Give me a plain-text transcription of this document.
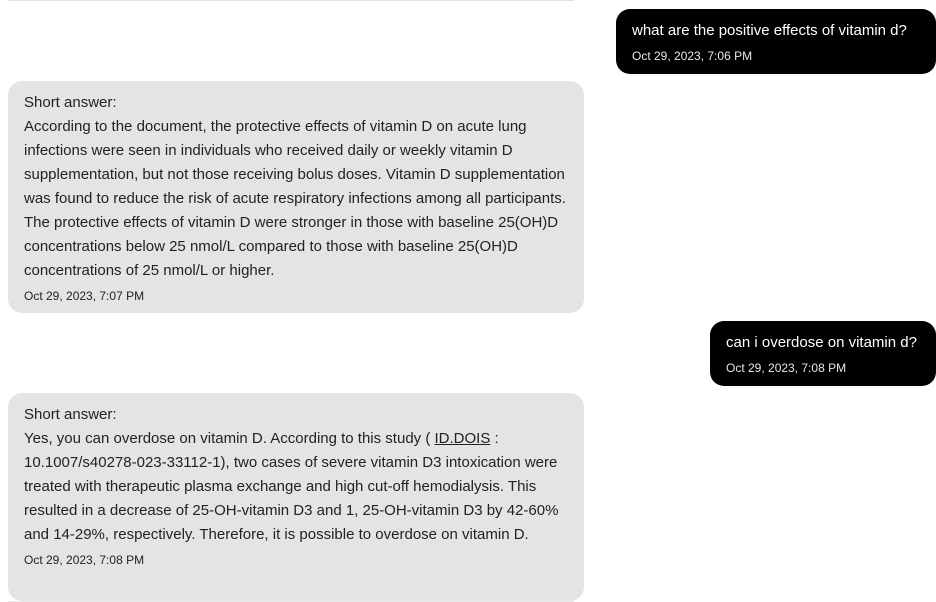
what are the positive effects of vitamin d?
Oct 29, 2023, 7:06 PM
Short answer:
According to the document, the protective effects of vitamin D on acute lung infections were seen in individuals who received daily or weekly vitamin D supplementation, but not those receiving bolus doses. Vitamin D supplementation was found to reduce the risk of acute respiratory infections among all participants. The protective effects of vitamin D were stronger in those with baseline 25(OH)D concentrations below 25 nmol/L compared to those with baseline 25(OH)D concentrations of 25 nmol/L or higher.
Oct 29, 2023, 7:07 PM
can i overdose on vitamin d?
Oct 29, 2023, 7:08 PM
Short answer:
Yes, you can overdose on vitamin D. According to this study ( ID.DOIS : 10.1007/s40278-023-33112-1), two cases of severe vitamin D3 intoxication were treated with therapeutic plasma exchange and high cut-off hemodialysis. This resulted in a decrease of 25-OH-vitamin D3 and 1, 25-OH-vitamin D3 by 42-60% and 14-29%, respectively. Therefore, it is possible to overdose on vitamin D.
Oct 29, 2023, 7:08 PM
